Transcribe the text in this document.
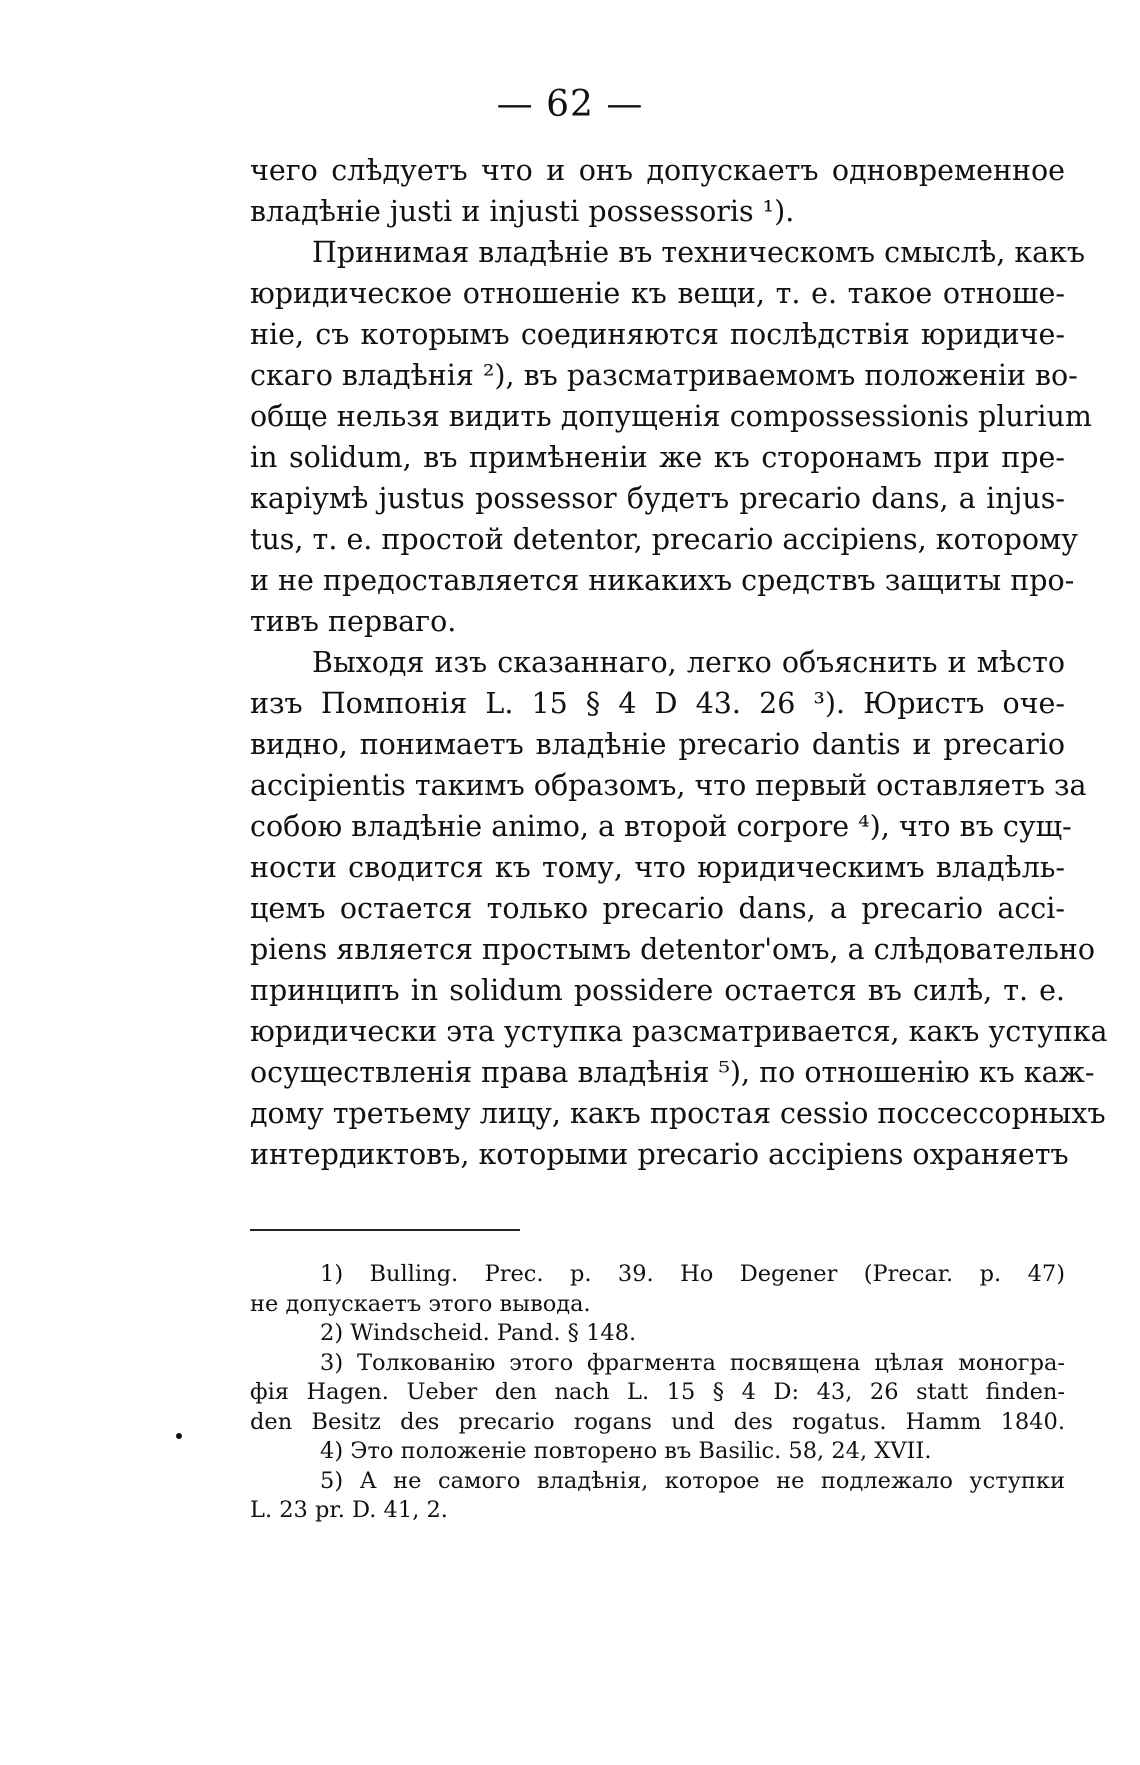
— 62 —
чего слѣдуетъ что и онъ допускаетъ одновременное
владѣніе justi и injusti possessoris ¹).
Принимая владѣніе въ техническомъ смыслѣ, какъ
юридическое отношеніе къ вещи, т. е. такое отноше-
ніе, съ которымъ соединяются послѣдствія юридиче-
скаго владѣнія ²), въ разсматриваемомъ положеніи во-
обще нельзя видить допущенія compossessionis plurium
in solidum, въ примѣненіи же къ сторонамъ при пре-
каріумѣ justus possessor будетъ precario dans, а injus-
tus, т. е. простой detentor, precario accipiens, которому
и не предоставляется никакихъ средствъ защиты про-
тивъ перваго.
Выходя изъ сказаннаго, легко объяснить и мѣсто
изъ Помпонія L. 15 § 4 D 43. 26 ³). Юристъ оче-
видно, понимаетъ владѣніе precario dantis и precario
accipientis такимъ образомъ, что первый оставляетъ за
собою владѣніе animo, а второй corpore ⁴), что въ сущ-
ности сводится къ тому, что юридическимъ владѣль-
цемъ остается только precario dans, а precario acci-
piens является простымъ detentor'омъ, а слѣдовательно
принципъ in solidum possidere остается въ силѣ, т. е.
юридически эта уступка разсматривается, какъ уступка
осуществленія права владѣнія ⁵), по отношенію къ каж-
дому третьему лицу, какъ простая cessio поссессорныхъ
интердиктовъ, которыми precario accipiens охраняетъ
1) Bulling. Prec. p. 39. Но Degener (Precar. p. 47)
не допускаетъ этого вывода.
2) Windscheid. Pand. § 148.
3) Толкованію этого фрагмента посвящена цѣлая моногра-
фія Hagen. Ueber den nach L. 15 § 4 D: 43, 26 statt finden-
den Besitz des precario rogans und des rogatus. Hamm 1840.
4) Это положеніе повторено въ Basilic. 58, 24, XVII.
5) А не самого владѣнія, которое не подлежало уступки
L. 23 pr. D. 41, 2.
